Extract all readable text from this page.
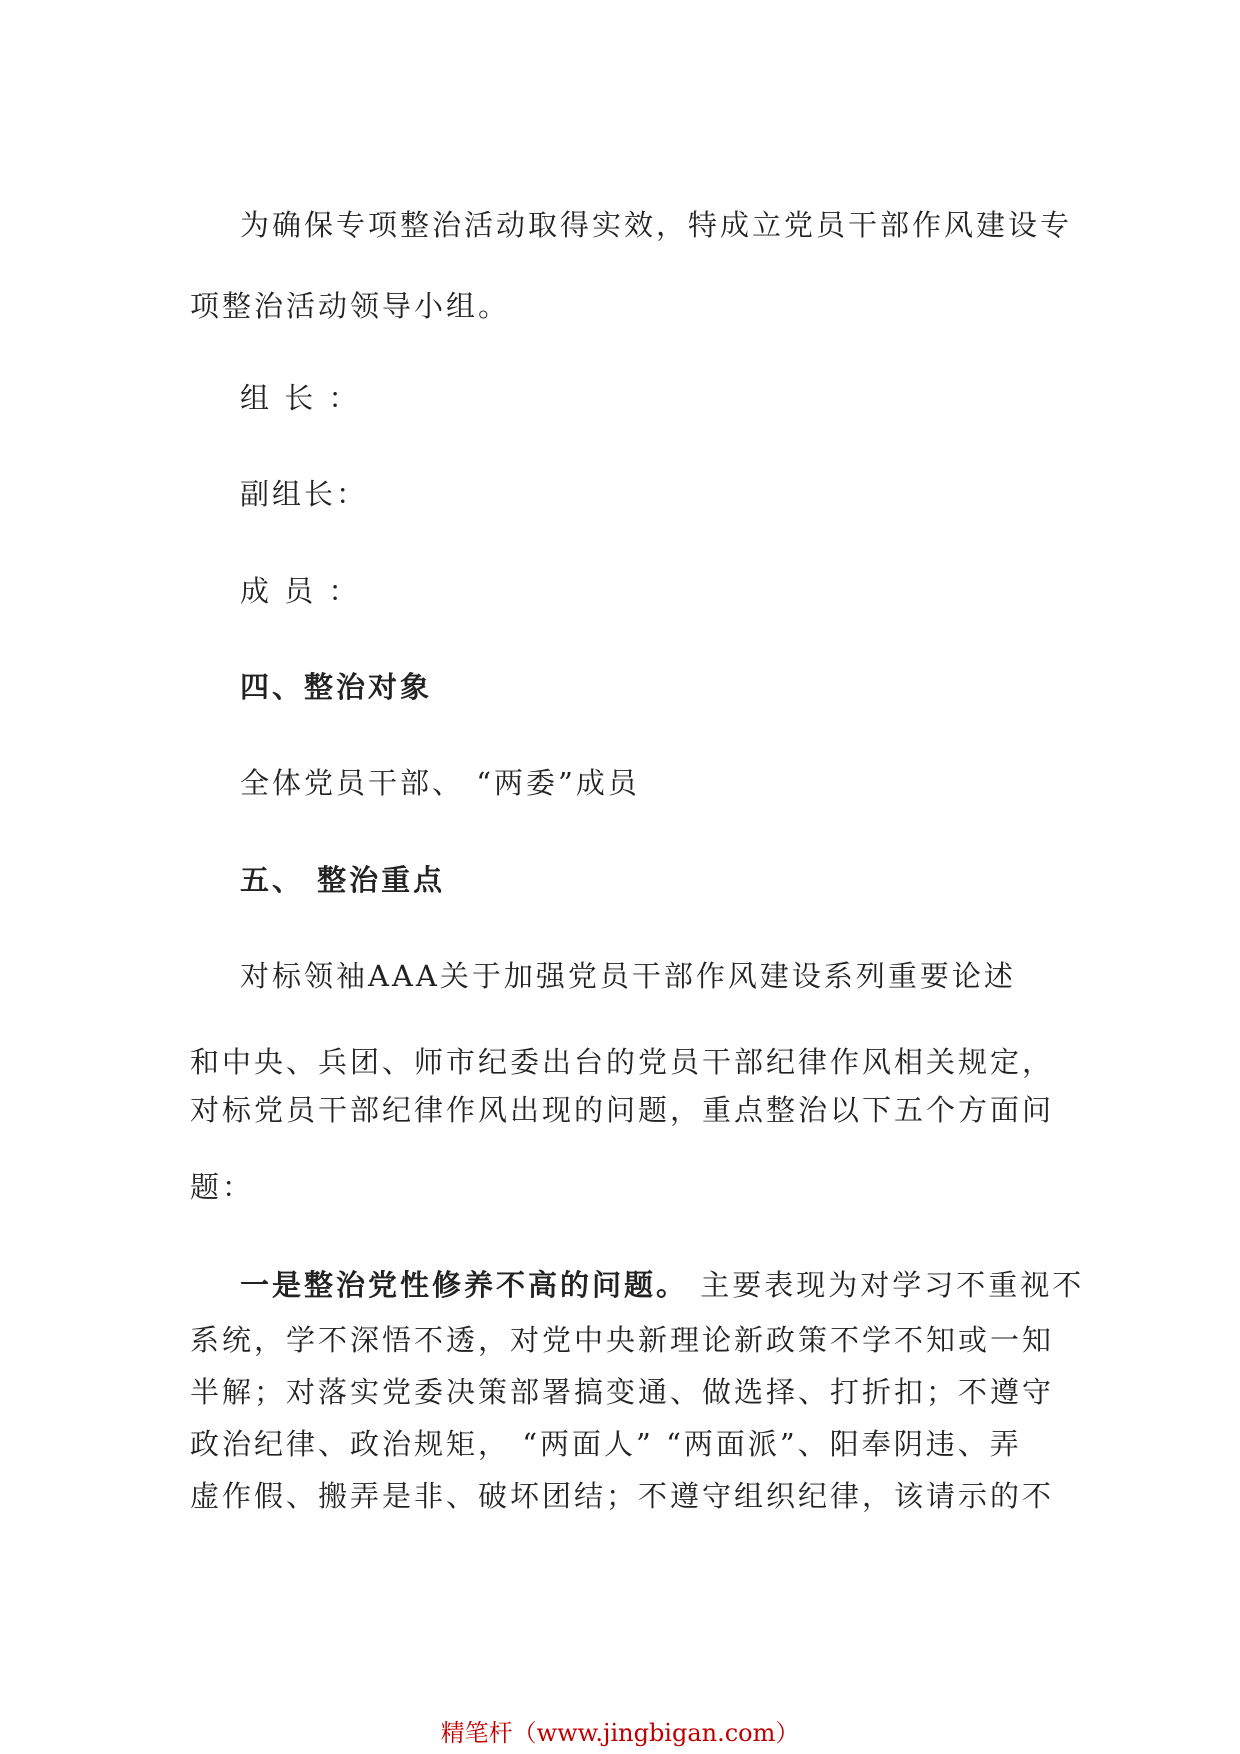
为确保专项整治活动取得实效，特成立党员干部作风建设专
项整治活动领导小组。
组 长 ：
副组长：
成 员 ：
四、整治对象
全体党员干部、 “两委”成员
五、 整治重点
对标领袖AAA关于加强党员干部作风建设系列重要论述
和中央、兵团、师市纪委出台的党员干部纪律作风相关规定，
对标党员干部纪律作风出现的问题，重点整治以下五个方面问
题：
一是整治党性修养不高的问题。 主要表现为对学习不重视不
系统，学不深悟不透，对党中央新理论新政策不学不知或一知
半解；对落实党委决策部署搞变通、做选择、打折扣；不遵守
政治纪律、政治规矩， “两面人” “两面派”、阳奉阴违、弄
虚作假、搬弄是非、破坏团结；不遵守组织纪律，该请示的不
精笔杆（www.jingbigan.com）
